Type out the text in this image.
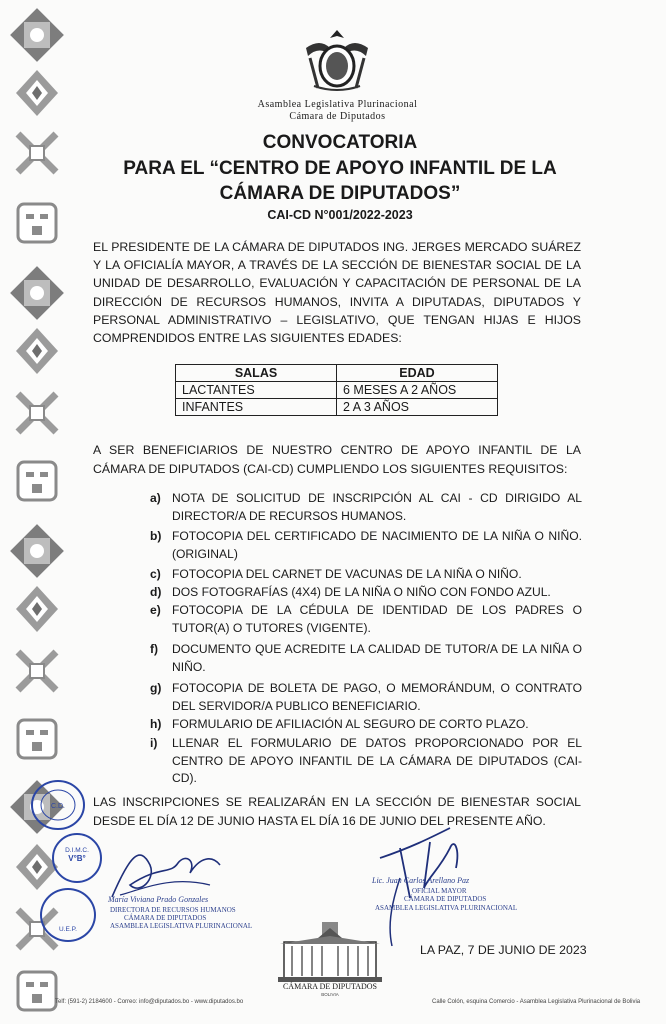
Asamblea Legislativa Plurinacional
Cámara de Diputados
CONVOCATORIA
PARA EL “CENTRO DE APOYO INFANTIL DE LA
CÁMARA DE DIPUTADOS”
CAI-CD N°001/2022-2023
EL PRESIDENTE DE LA CÁMARA DE DIPUTADOS ING. JERGES MERCADO SUÁREZ Y LA OFICIALÍA MAYOR, A TRAVÉS DE LA SECCIÓN DE BIENESTAR SOCIAL DE LA UNIDAD DE DESARROLLO, EVALUACIÓN Y CAPACITACIÓN DE PERSONAL DE LA DIRECCIÓN DE RECURSOS HUMANOS, INVITA A DIPUTADAS, DIPUTADOS Y PERSONAL ADMINISTRATIVO – LEGISLATIVO, QUE TENGAN HIJAS E HIJOS COMPRENDIDOS ENTRE LAS SIGUIENTES EDADES:
SALAS	EDAD
LACTANTES	6 MESES A 2 AÑOS
INFANTES	2 A 3 AÑOS
A SER BENEFICIARIOS DE NUESTRO CENTRO DE APOYO INFANTIL DE LA CÁMARA DE DIPUTADOS (CAI-CD) CUMPLIENDO LOS SIGUIENTES REQUISITOS:
a) NOTA DE SOLICITUD DE INSCRIPCIÓN AL CAI - CD DIRIGIDO AL DIRECTOR/A DE RECURSOS HUMANOS.
b) FOTOCOPIA DEL CERTIFICADO DE NACIMIENTO DE LA NIÑA O NIÑO. (ORIGINAL)
c) FOTOCOPIA DEL CARNET DE VACUNAS DE LA NIÑA O NIÑO.
d) DOS FOTOGRAFÍAS (4X4) DE LA NIÑA O NIÑO CON FONDO AZUL.
e) FOTOCOPIA DE LA CÉDULA DE IDENTIDAD DE LOS PADRES O TUTOR(A) O TUTORES (VIGENTE).
f) DOCUMENTO QUE ACREDITE LA CALIDAD DE TUTOR/A DE LA NIÑA O NIÑO.
g) FOTOCOPIA DE BOLETA DE PAGO, O MEMORÁNDUM, O CONTRATO DEL SERVIDOR/A PUBLICO BENEFICIARIO.
h) FORMULARIO DE AFILIACIÓN AL SEGURO DE CORTO PLAZO.
i) LLENAR EL FORMULARIO DE DATOS PROPORCIONADO POR EL CENTRO DE APOYO INFANTIL DE LA CÁMARA DE DIPUTADOS (CAI-CD).
LAS INSCRIPCIONES SE REALIZARÁN EN LA SECCIÓN DE BIENESTAR SOCIAL DESDE EL DÍA 12 DE JUNIO HASTA EL DÍA 16 DE JUNIO DEL PRESENTE AÑO.
C.D.
D.I.M.C.
V°B°
U.E.P.
María Viviana Prado Gonzales
DIRECTORA DE RECURSOS HUMANOS
CÁMARA DE DIPUTADOS
ASAMBLEA LEGISLATIVA PLURINACIONAL
Lic. Juan Carlos Arellano Paz
OFICIAL MAYOR
CÁMARA DE DIPUTADOS
ASAMBLEA LEGISLATIVA PLURINACIONAL
LA PAZ, 7 DE JUNIO DE 2023
CÁMARA DE DIPUTADOS
BOLIVIA
Telf: (591-2) 2184600 - Correo: info@diputados.bo - www.diputados.bo	Calle Colón, esquina Comercio - Asamblea Legislativa Plurinacional de Bolivia
